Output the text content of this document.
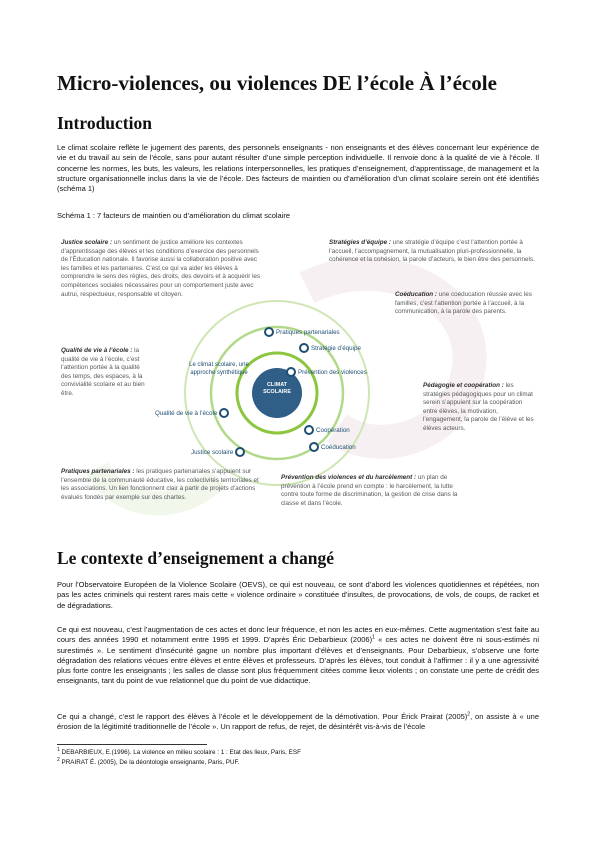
Micro-violences, ou violences DE l’école À l’école
Introduction

Le climat scolaire reflète le jugement des parents, des personnels enseignants - non enseignants et des élèves concernant leur expérience de vie et du travail au sein de l’école, sans pour autant résulter d’une simple perception individuelle. Il renvoie donc à la qualité de vie à l’école. Il concerne les normes, les buts, les valeurs, les relations interpersonnelles, les pratiques d’enseignement, d’apprentissage, de management et la structure organisationnelle inclus dans la vie de l’école. Des facteurs de maintien ou d’amélioration d’un climat scolaire serein ont été identifiés (schéma 1)

Schéma 1 : 7 facteurs de maintien ou d’amélioration du climat scolaire

CLIMAT SCOLAIRE
Le climat scolaire, une approche synthétique
Pratiques partenariales
Stratégie d’équipe
Prévention des violences
Qualité de vie à l’école
Coopération
Justice scolaire
Coéducation

Justice scolaire : un sentiment de justice améliore les contextes d’apprentissage des élèves et les conditions d’exercice des personnels de l’Éducation nationale. Il favorise aussi la collaboration positive avec les familles et les partenaires. C’est ce qui va aider les élèves à comprendre le sens des règles, des droits, des devoirs et à acquérir les compétences sociales nécessaires pour un comportement juste avec autrui, respectueux, responsable et citoyen.

Stratégies d’équipe : une stratégie d’équipe c’est l’attention portée à l’accueil, l’accompagnement, la mutualisation pluri-professionnelle, la cohérence et la cohésion, la parole d’acteurs, le bien être des personnels.

Coéducation : une coéducation réussie avec les familles, c’est l’attention portée à l’accueil, à la communication, à la parole des parents.

Qualité de vie à l’école : la qualité de vie à l’école, c’est l’attention portée à la qualité des temps, des espaces, à la convivialité scolaire et au bien être.

Pédagogie et coopération : les stratégies pédagogiques pour un climat serein s’appuient sur la coopération entre élèves, la motivation, l’engagement, la parole de l’élève et les élèves acteurs.

Pratiques partenariales : les pratiques partenariales s’appuient sur l’ensemble de la communauté éducative, les collectivités territoriales et les associations. Un lien fonctionnent clair à partir de projets d’actions évalués fondés par exemple sur des chartes.

Prévention des violences et du harcèlement : un plan de prévention à l’école prend en compte : le harcèlement, la lutte contre toute forme de discrimination, la gestion de crise dans la classe et dans l’école.

Le contexte d’enseignement a changé

Pour l’Observatoire Européen de la Violence Scolaire (OEVS), ce qui est nouveau, ce sont d’abord les violences quotidiennes et répétées, non pas les actes criminels qui restent rares mais cette « violence ordinaire » constituée d’insultes, de provocations, de vols, de coups, de racket et de dégradations.

Ce qui est nouveau, c’est l’augmentation de ces actes et donc leur fréquence, et non les actes en eux-mêmes. Cette augmentation s’est faite au cours des années 1990 et notamment entre 1995 et 1999. D’après Éric Debarbieux $(2006)^1$ « ces actes ne doivent être ni sous-estimés ni surestimés ». Le sentiment d’insécurité gagne un nombre plus important d’élèves et d’enseignants. Pour Debarbieux, s’observe une forte dégradation des relations vécues entre élèves et entre élèves et professeurs. D’après les élèves, tout conduit à l’affirmer : il y a une agressivité plus forte contre les enseignants ; les salles de classe sont plus fréquemment citées comme lieux violents ; on constate une perte de crédit des enseignants, tant du point de vue relationnel que du point de vue didactique.

Ce qui a changé, c’est le rapport des élèves à l’école et le développement de la démotivation. Pour Érick Prairat $(2005)^2$, on assiste à « une érosion de la légitimité traditionnelle de l’école ». Un rapport de refus, de rejet, de désintérêt vis-à-vis de l’école

$^1$ DEBARBIEUX, E.(1996). La violence en milieu scolaire : 1 : Etat des lieux, Paris, ESF

$^2$ PRAIRAT É. (2005), De la déontologie enseignante, Paris, PUF.
